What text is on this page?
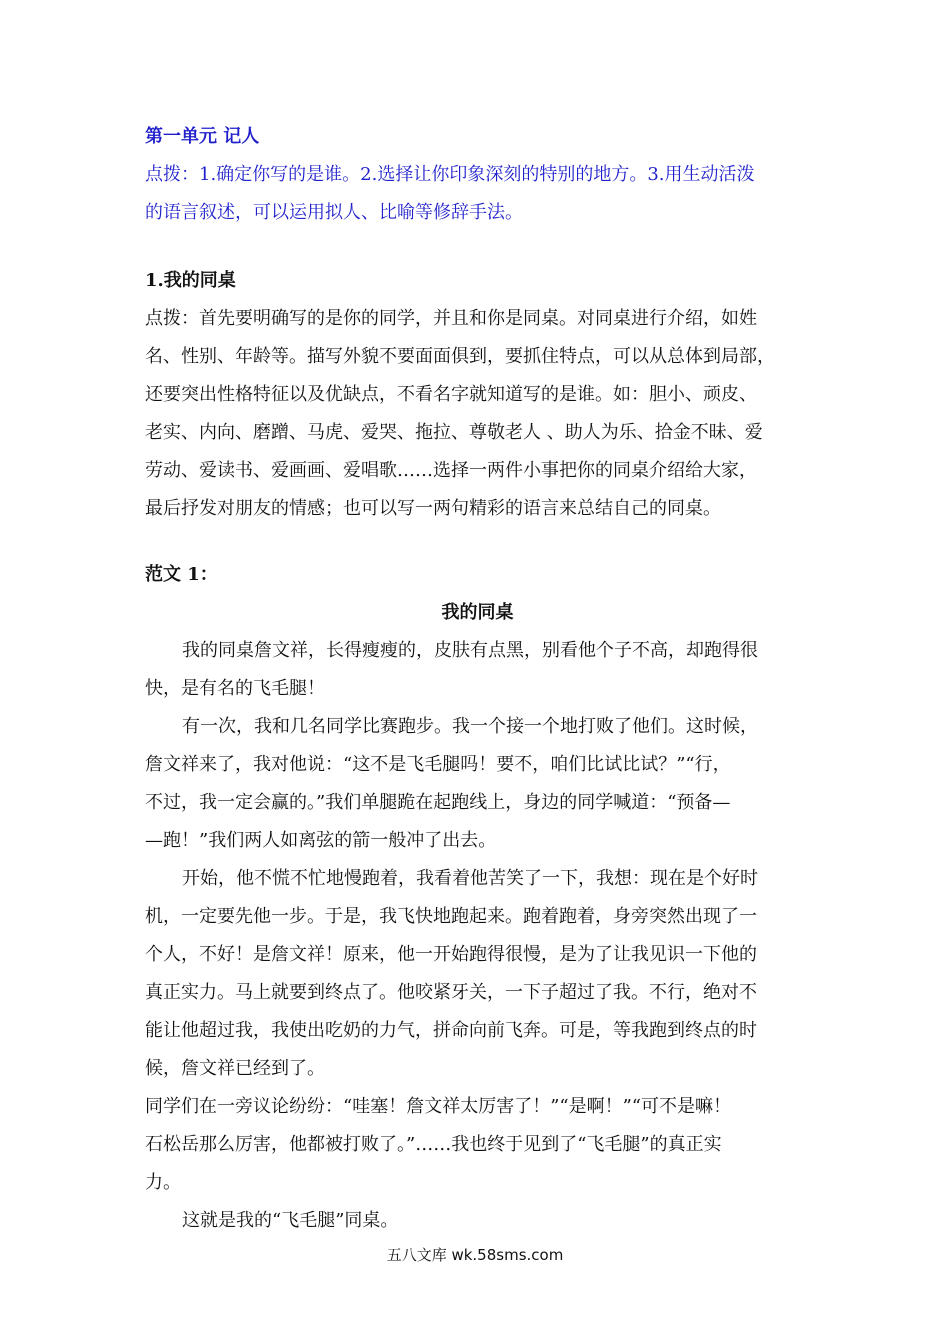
第一单元 记人
点拨：1.确定你写的是谁。2.选择让你印象深刻的特别的地方。3.用生动活泼
的语言叙述，可以运用拟人、比喻等修辞手法。
1.我的同桌
点拨：首先要明确写的是你的同学，并且和你是同桌。对同桌进行介绍，如姓
名、性别、年龄等。描写外貌不要面面俱到，要抓住特点，可以从总体到局部，
还要突出性格特征以及优缺点，不看名字就知道写的是谁。如：胆小、顽皮、
老实、内向、磨蹭、马虎、爱哭、拖拉、尊敬老人 、助人为乐、拾金不昧、爱
劳动、爱读书、爱画画、爱唱歌……选择一两件小事把你的同桌介绍给大家，
最后抒发对朋友的情感；也可以写一两句精彩的语言来总结自己的同桌。
范文 1：
我的同桌
我的同桌詹文祥，长得瘦瘦的，皮肤有点黑，别看他个子不高，却跑得很
快，是有名的飞毛腿！
有一次，我和几名同学比赛跑步。我一个接一个地打败了他们。这时候，
詹文祥来了，我对他说：“这不是飞毛腿吗！要不，咱们比试比试？”“行，
不过，我一定会赢的。”我们单腿跪在起跑线上，身边的同学喊道：“预备—
—跑！”我们两人如离弦的箭一般冲了出去。
开始，他不慌不忙地慢跑着，我看着他苦笑了一下，我想：现在是个好时
机，一定要先他一步。于是，我飞快地跑起来。跑着跑着，身旁突然出现了一
个人，不好！是詹文祥！原来，他一开始跑得很慢，是为了让我见识一下他的
真正实力。马上就要到终点了。他咬紧牙关，一下子超过了我。不行，绝对不
能让他超过我，我使出吃奶的力气，拼命向前飞奔。可是，等我跑到终点的时
候，詹文祥已经到了。
同学们在一旁议论纷纷：“哇塞！詹文祥太厉害了！”“是啊！”“可不是嘛！
石松岳那么厉害，他都被打败了。”……我也终于见到了“飞毛腿”的真正实
力。
这就是我的“飞毛腿”同桌。
五八文库 wk.58sms.com
